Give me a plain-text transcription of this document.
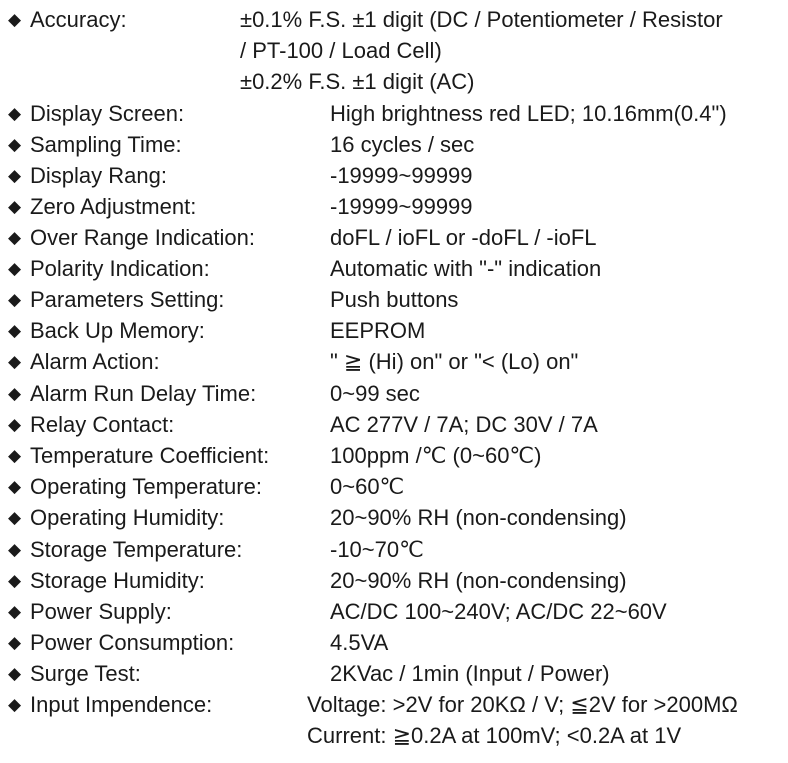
◆ Accuracy:	±0.1% F.S. ±1 digit (DC / Potentiometer / Resistor
/ PT-100 / Load Cell)
±0.2% F.S. ±1 digit (AC)
◆ Display Screen:	High brightness red LED; 10.16mm(0.4")
◆ Sampling Time:	16 cycles / sec
◆ Display Rang:	-19999~99999
◆ Zero Adjustment:	-19999~99999
◆ Over Range Indication:	doFL / ioFL or -doFL / -ioFL
◆ Polarity Indication:	Automatic with "-" indication
◆ Parameters Setting:	Push buttons
◆ Back Up Memory:	EEPROM
◆ Alarm Action:	" ≧ (Hi) on" or "< (Lo) on"
◆ Alarm Run Delay Time:	0~99 sec
◆ Relay Contact:	AC 277V / 7A; DC 30V / 7A
◆ Temperature Coefficient:	100ppm /℃ (0~60℃)
◆ Operating Temperature:	0~60℃
◆ Operating Humidity:	20~90% RH (non-condensing)
◆ Storage Temperature:	-10~70℃
◆ Storage Humidity:	20~90% RH (non-condensing)
◆ Power Supply:	AC/DC 100~240V; AC/DC 22~60V
◆ Power Consumption:	4.5VA
◆ Surge Test:	2KVac / 1min (Input / Power)
◆ Input Impendence:	Voltage: >2V for 20KΩ / V; ≦2V for >200MΩ
Current: ≧0.2A at 100mV; <0.2A at 1V
